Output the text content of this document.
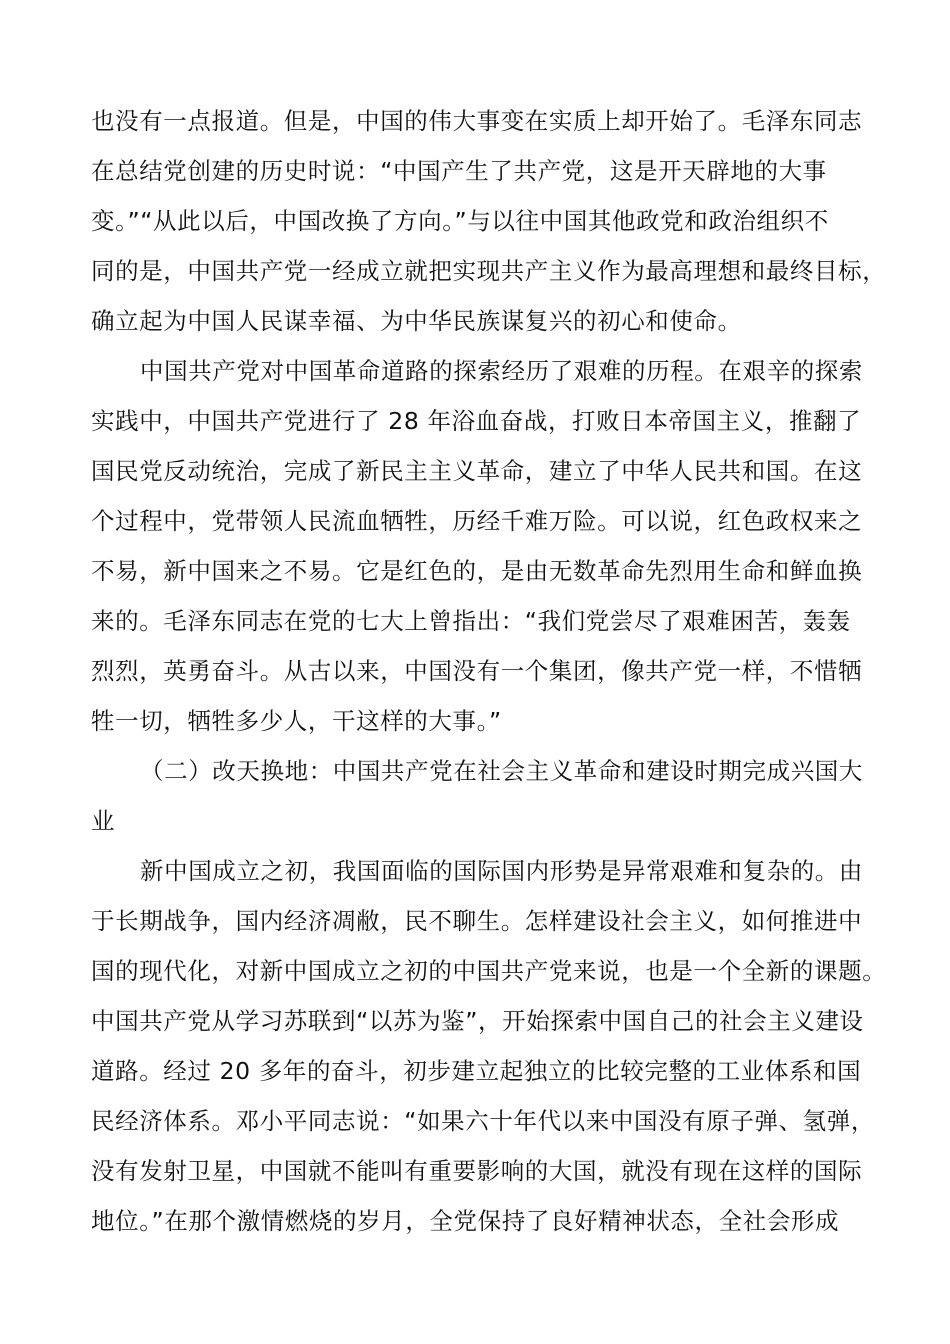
也没有一点报道。但是，中国的伟大事变在实质上却开始了。毛泽东同志
在总结党创建的历史时说：“中国产生了共产党，这是开天辟地的大事
变。”“从此以后，中国改换了方向。”与以往中国其他政党和政治组织不
同的是，中国共产党一经成立就把实现共产主义作为最高理想和最终目标，
确立起为中国人民谋幸福、为中华民族谋复兴的初心和使命。
中国共产党对中国革命道路的探索经历了艰难的历程。在艰辛的探索
实践中，中国共产党进行了 28 年浴血奋战，打败日本帝国主义，推翻了
国民党反动统治，完成了新民主主义革命，建立了中华人民共和国。在这
个过程中，党带领人民流血牺牲，历经千难万险。可以说，红色政权来之
不易，新中国来之不易。它是红色的，是由无数革命先烈用生命和鲜血换
来的。毛泽东同志在党的七大上曾指出：“我们党尝尽了艰难困苦，轰轰
烈烈，英勇奋斗。从古以来，中国没有一个集团，像共产党一样，不惜牺
牲一切，牺牲多少人，干这样的大事。”
（二）改天换地：中国共产党在社会主义革命和建设时期完成兴国大
业
新中国成立之初，我国面临的国际国内形势是异常艰难和复杂的。由
于长期战争，国内经济凋敝，民不聊生。怎样建设社会主义，如何推进中
国的现代化，对新中国成立之初的中国共产党来说，也是一个全新的课题。
中国共产党从学习苏联到“以苏为鉴”，开始探索中国自己的社会主义建设
道路。经过 20 多年的奋斗，初步建立起独立的比较完整的工业体系和国
民经济体系。邓小平同志说：“如果六十年代以来中国没有原子弹、氢弹，
没有发射卫星，中国就不能叫有重要影响的大国，就没有现在这样的国际
地位。”在那个激情燃烧的岁月，全党保持了良好精神状态，全社会形成
